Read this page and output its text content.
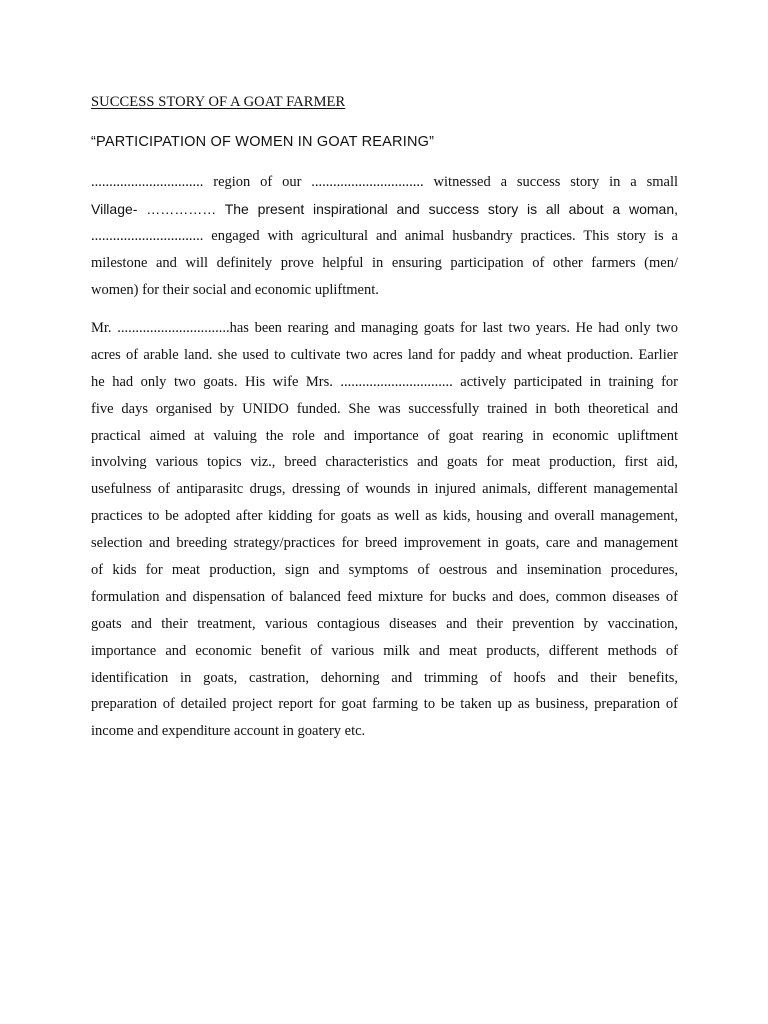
SUCCESS STORY OF A GOAT FARMER
“PARTICIPATION OF WOMEN IN GOAT REARING”
............................... region of our ............................... witnessed a success story in a small
Village- …………… The present inspirational and success story is all about a woman,
............................... engaged with agricultural and animal husbandry practices. This story is a
milestone and will definitely prove helpful in ensuring participation of other farmers (men/
women) for their social and economic upliftment.
Mr. ...............................has been rearing and managing goats for last two years. He had only two
acres of arable land. she used to cultivate two acres land for paddy and wheat production. Earlier
he had only two goats. His wife Mrs. ............................... actively participated in training for
five days organised by UNIDO funded. She was successfully trained in both theoretical and
practical aimed at valuing the role and importance of goat rearing in economic upliftment
involving various topics viz., breed characteristics and goats for meat production, first aid,
usefulness of antiparasitc drugs, dressing of wounds in injured animals, different managemental
practices to be adopted after kidding for goats as well as kids, housing and overall management,
selection and breeding strategy/practices for breed improvement in goats, care and management
of kids for meat production, sign and symptoms of oestrous and insemination procedures,
formulation and dispensation of balanced feed mixture for bucks and does, common diseases of
goats and their treatment, various contagious diseases and their prevention by vaccination,
importance and economic benefit of various milk and meat products, different methods of
identification in goats, castration, dehorning and trimming of hoofs and their benefits,
preparation of detailed project report for goat farming to be taken up as business, preparation of
income and expenditure account in goatery etc.
